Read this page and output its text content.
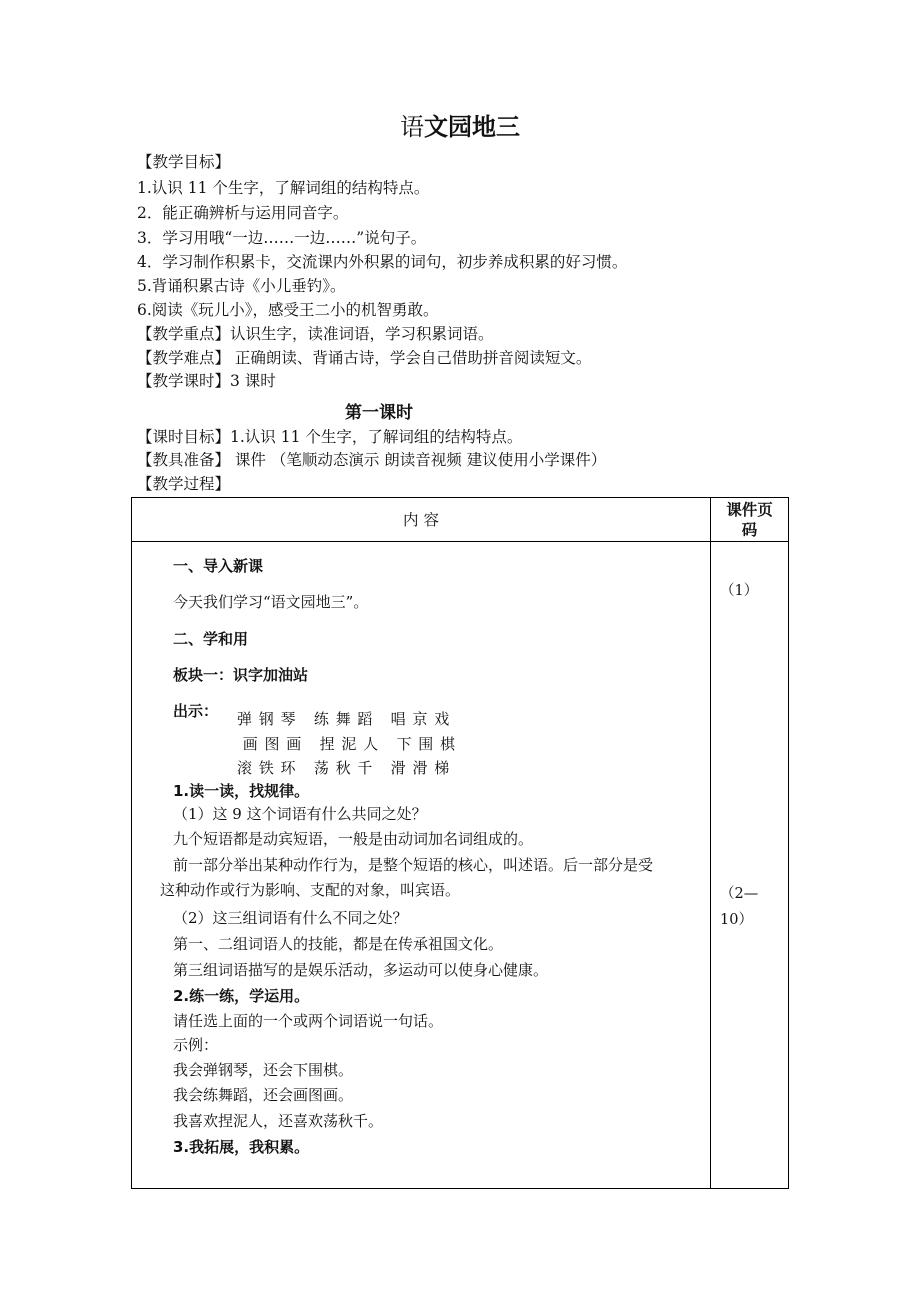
语文园地三
【教学目标】
1.认识 11 个生字，了解词组的结构特点。
2．能正确辨析与运用同音字。
3．学习用哦“一边……一边……”说句子。
4．学习制作积累卡，交流课内外积累的词句，初步养成积累的好习惯。
5.背诵积累古诗《小儿垂钓》。
6.阅读《玩儿小》，感受王二小的机智勇敢。
【教学重点】认识生字，读准词语，学习积累词语。
【教学难点】 正确朗读、背诵古诗，学会自己借助拼音阅读短文。
【教学课时】3 课时
第一课时
【课时目标】1.认识 11 个生字，了解词组的结构特点。
【教具准备】 课件 （笔顺动态演示 朗读音视频 建议使用小学课件）
【教学过程】
内 容
课件页
码
一、导入新课
今天我们学习“语文园地三”。
二、学和用
板块一：识字加油站
出示： 弹 钢 琴   练 舞 蹈   唱 京 戏
画 图 画   捏 泥 人   下 围 棋
滚 铁 环   荡 秋 千   滑 滑 梯
1.读一读，找规律。
（1）这 9 这个词语有什么共同之处？
九个短语都是动宾短语，一般是由动词加名词组成的。
前一部分举出某种动作行为，是整个短语的核心，叫述语。后一部分是受
这种动作或行为影响、支配的对象，叫宾语。
（2）这三组词语有什么不同之处？
第一、二组词语人的技能，都是在传承祖国文化。
第三组词语描写的是娱乐活动，多运动可以使身心健康。
2.练一练，学运用。
请任选上面的一个或两个词语说一句话。
示例：
我会弹钢琴，还会下围棋。
我会练舞蹈，还会画图画。
我喜欢捏泥人，还喜欢荡秋千。
3.我拓展，我积累。
（1）
（2—
10）
